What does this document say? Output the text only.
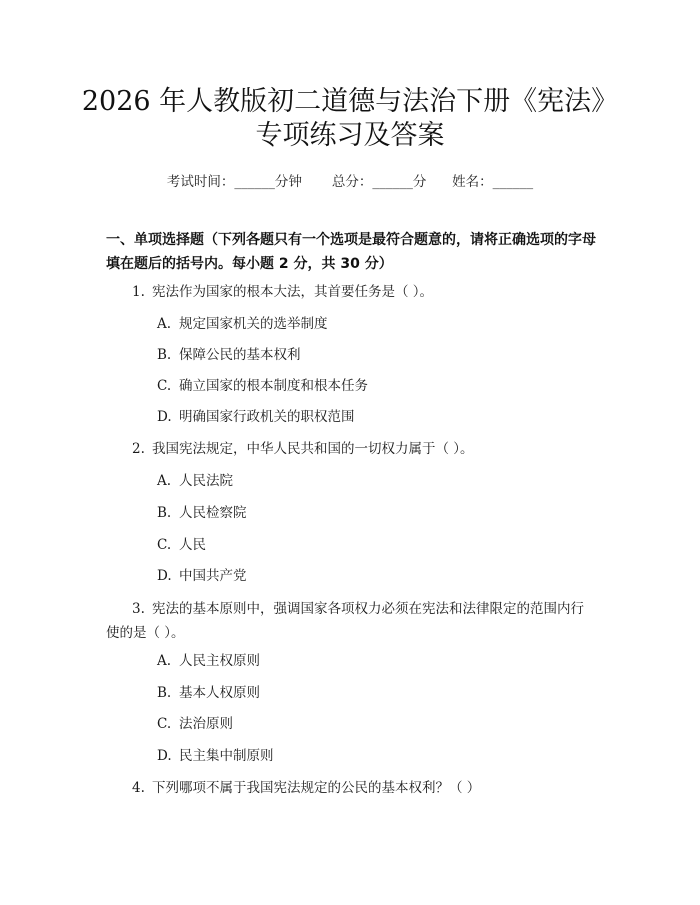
2026 年人教版初二道德与法治下册《宪法》
专项练习及答案
考试时间：______分钟 总分：______分 姓名：______
一、单项选择题（下列各题只有一个选项是最符合题意的，请将正确选项的字母填在题后的括号内。每小题 2 分，共 30 分）
1. 宪法作为国家的根本大法，其首要任务是（ ）。
A. 规定国家机关的选举制度
B. 保障公民的基本权利
C. 确立国家的根本制度和根本任务
D. 明确国家行政机关的职权范围
2. 我国宪法规定，中华人民共和国的一切权力属于（ ）。
A. 人民法院
B. 人民检察院
C. 人民
D. 中国共产党
3. 宪法的基本原则中，强调国家各项权力必须在宪法和法律限定的范围内行
使的是（ ）。
A. 人民主权原则
B. 基本人权原则
C. 法治原则
D. 民主集中制原则
4. 下列哪项不属于我国宪法规定的公民的基本权利？（ ）
